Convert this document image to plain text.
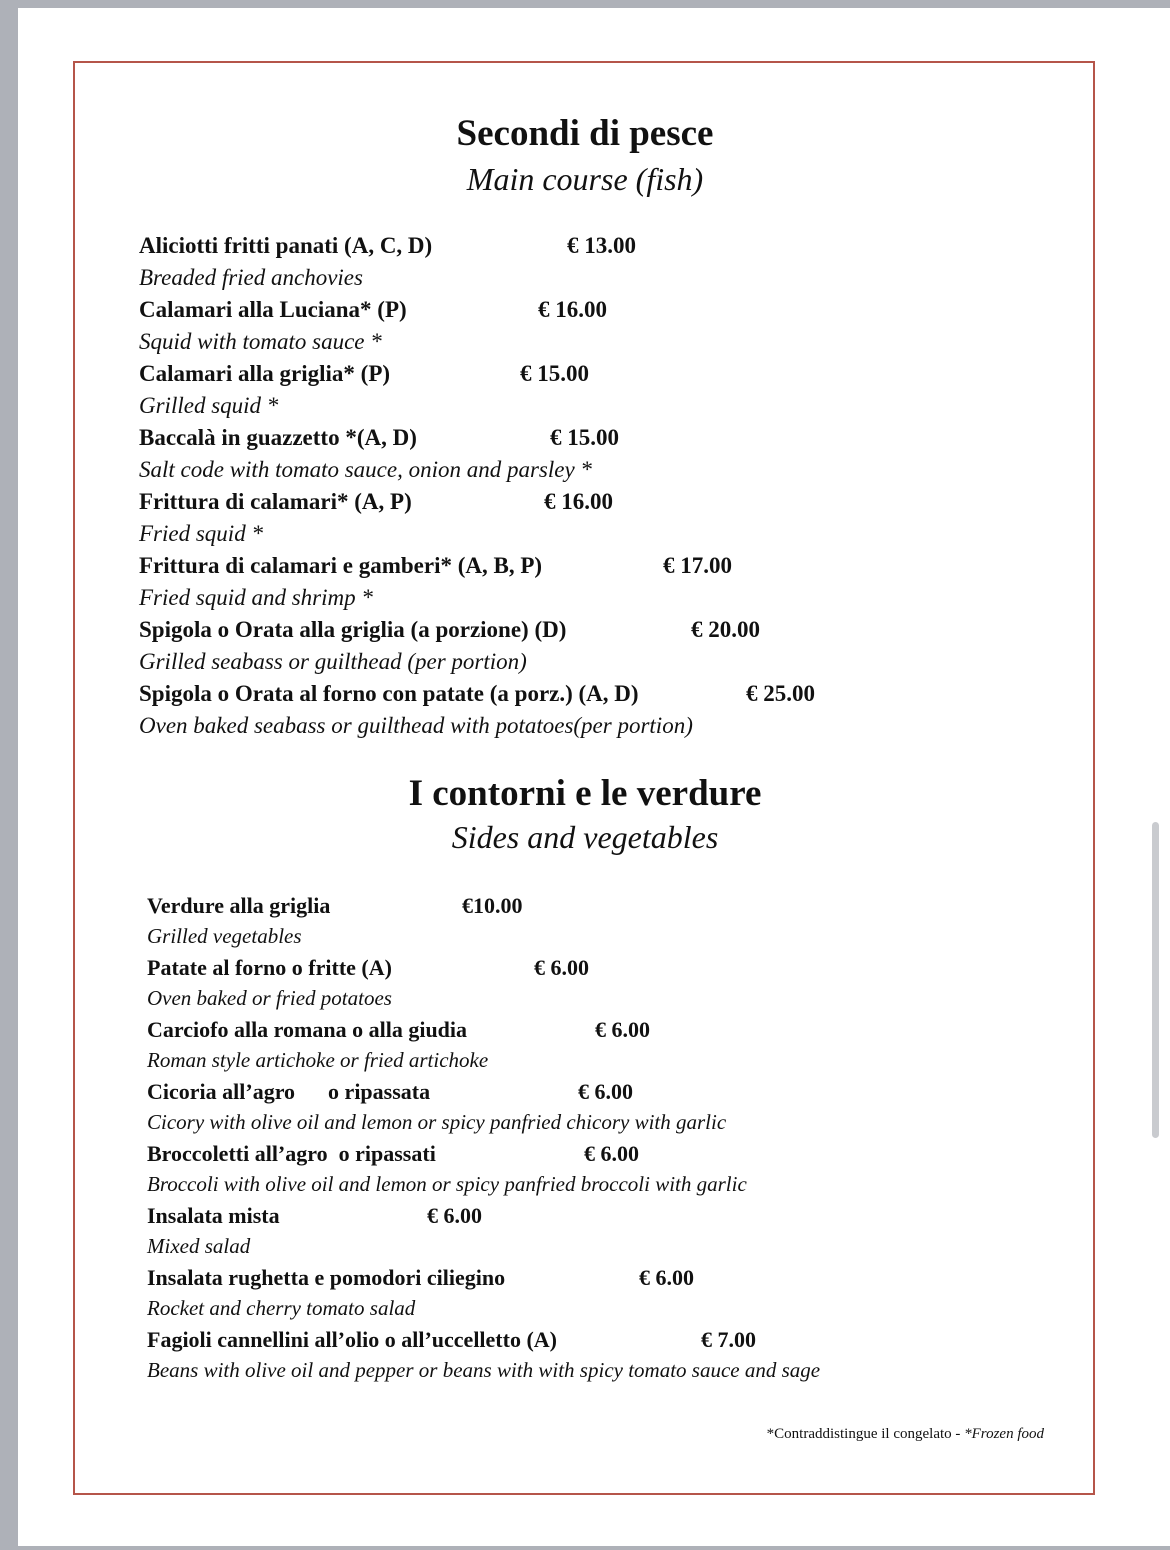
Secondi di pesce
Main course (fish)
Aliciotti fritti panati (A, C, D)	€ 13.00
Breaded fried anchovies
Calamari alla Luciana* (P)	€ 16.00
Squid with tomato sauce *
Calamari alla griglia* (P)	€ 15.00
Grilled squid *
Baccalà in guazzetto *(A, D)	€ 15.00
Salt code with tomato sauce, onion and parsley *
Frittura di calamari* (A, P)	€ 16.00
Fried squid *
Frittura di calamari e gamberi* (A, B, P)	€ 17.00
Fried squid and shrimp *
Spigola o Orata alla griglia (a porzione) (D)	€ 20.00
Grilled seabass or guilthead (per portion)
Spigola o Orata al forno con patate (a porz.) (A, D)	€ 25.00
Oven baked seabass or guilthead with potatoes(per portion)
I contorni e le verdure
Sides and vegetables
Verdure alla griglia	€10.00
Grilled vegetables
Patate al forno o fritte (A)	€ 6.00
Oven baked or fried potatoes
Carciofo alla romana o alla giudia	€ 6.00
Roman style artichoke or fried artichoke
Cicoria all’agro      o ripassata	€ 6.00
Cicory with olive oil and lemon or spicy panfried chicory with garlic
Broccoletti all’agro  o ripassati	€ 6.00
Broccoli with olive oil and lemon or spicy panfried broccoli with garlic
Insalata mista	€ 6.00
Mixed salad
Insalata rughetta e pomodori ciliegino	€ 6.00
Rocket and cherry tomato salad
Fagioli cannellini all’olio o all’uccelletto (A)	€ 7.00
Beans with olive oil and pepper or beans with with spicy tomato sauce and sage
*Contraddistingue il congelato - *Frozen food
